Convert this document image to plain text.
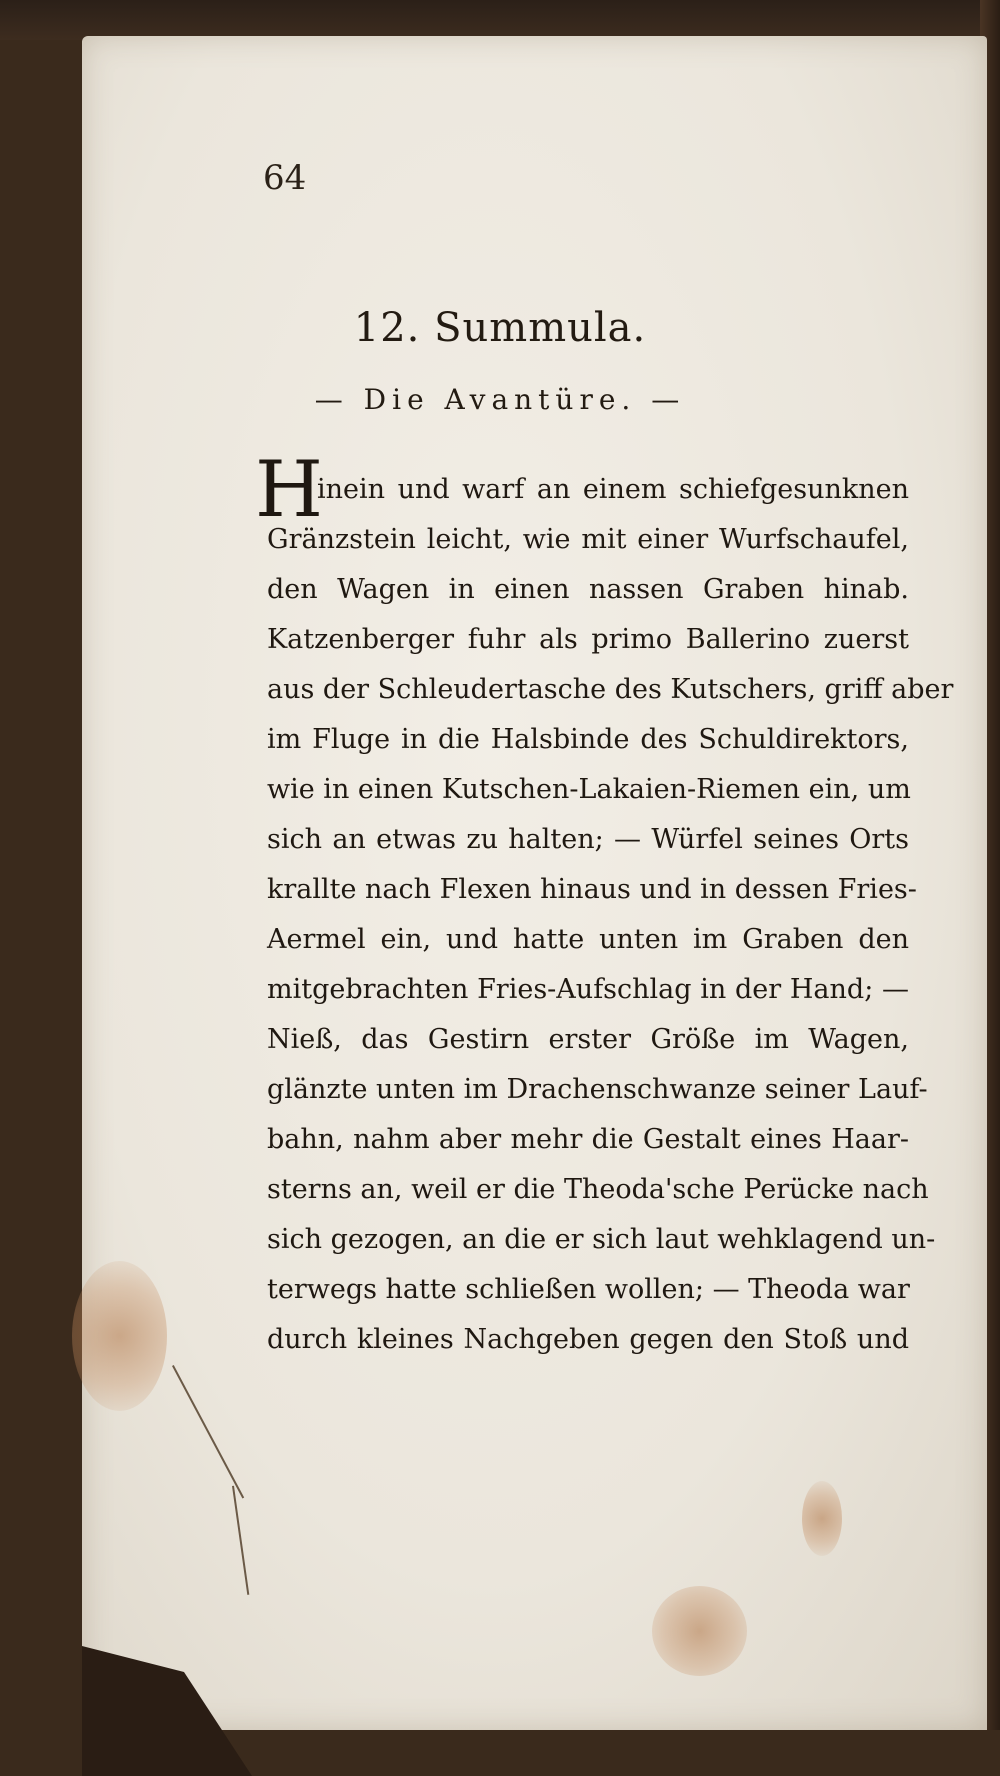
64
12. Summula.
— Die Avantüre. —
H
inein und warf an einem schiefgesunknen
Gränzstein leicht, wie mit einer Wurfschaufel,
den Wagen in einen nassen Graben hinab.
Katzenberger fuhr als primo Ballerino zuerst
aus der Schleudertasche des Kutschers, griff aber
im Fluge in die Halsbinde des Schuldirektors,
wie in einen Kutschen-Lakaien-Riemen ein, um
sich an etwas zu halten; — Würfel seines Orts
krallte nach Flexen hinaus und in dessen Fries-
Aermel ein, und hatte unten im Graben den
mitgebrachten Fries-Aufschlag in der Hand; —
Nieß, das Gestirn erster Größe im Wagen,
glänzte unten im Drachenschwanze seiner Lauf-
bahn, nahm aber mehr die Gestalt eines Haar-
sterns an, weil er die Theoda'sche Perücke nach
sich gezogen, an die er sich laut wehklagend un-
terwegs hatte schließen wollen; — Theoda war
durch kleines Nachgeben gegen den Stoß und
